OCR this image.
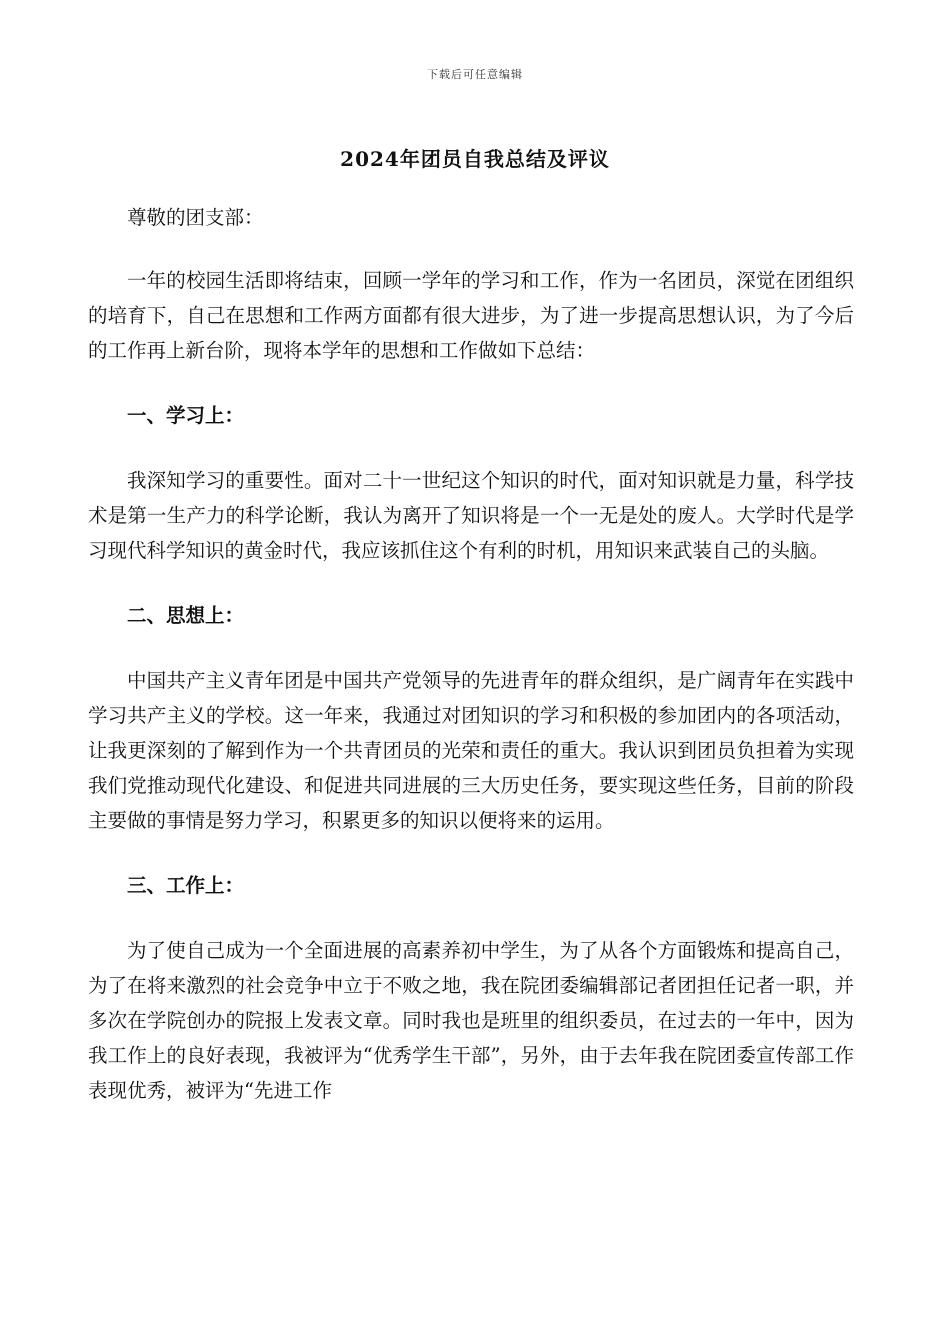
下载后可任意编辑
2024年团员自我总结及评议

尊敬的团支部：

一年的校园生活即将结束，回顾一学年的学习和工作，作为一名团员，深觉在团组织的培育下，自己在思想和工作两方面都有很大进步，为了进一步提高思想认识，为了今后的工作再上新台阶，现将本学年的思想和工作做如下总结：

一、学习上：

我深知学习的重要性。面对二十一世纪这个知识的时代，面对知识就是力量，科学技术是第一生产力的科学论断，我认为离开了知识将是一个一无是处的废人。大学时代是学习现代科学知识的黄金时代，我应该抓住这个有利的时机，用知识来武装自己的头脑。

二、思想上：

中国共产主义青年团是中国共产党领导的先进青年的群众组织，是广阔青年在实践中学习共产主义的学校。这一年来，我通过对团知识的学习和积极的参加团内的各项活动，让我更深刻的了解到作为一个共青团员的光荣和责任的重大。我认识到团员负担着为实现我们党推动现代化建设、和促进共同进展的三大历史任务，要实现这些任务，目前的阶段主要做的事情是努力学习，积累更多的知识以便将来的运用。

三、工作上：

为了使自己成为一个全面进展的高素养初中学生，为了从各个方面锻炼和提高自己，为了在将来激烈的社会竞争中立于不败之地，我在院团委编辑部记者团担任记者一职，并多次在学院创办的院报上发表文章。同时我也是班里的组织委员，在过去的一年中，因为我工作上的良好表现，我被评为“优秀学生干部”，另外，由于去年我在院团委宣传部工作表现优秀，被评为“先进工作
